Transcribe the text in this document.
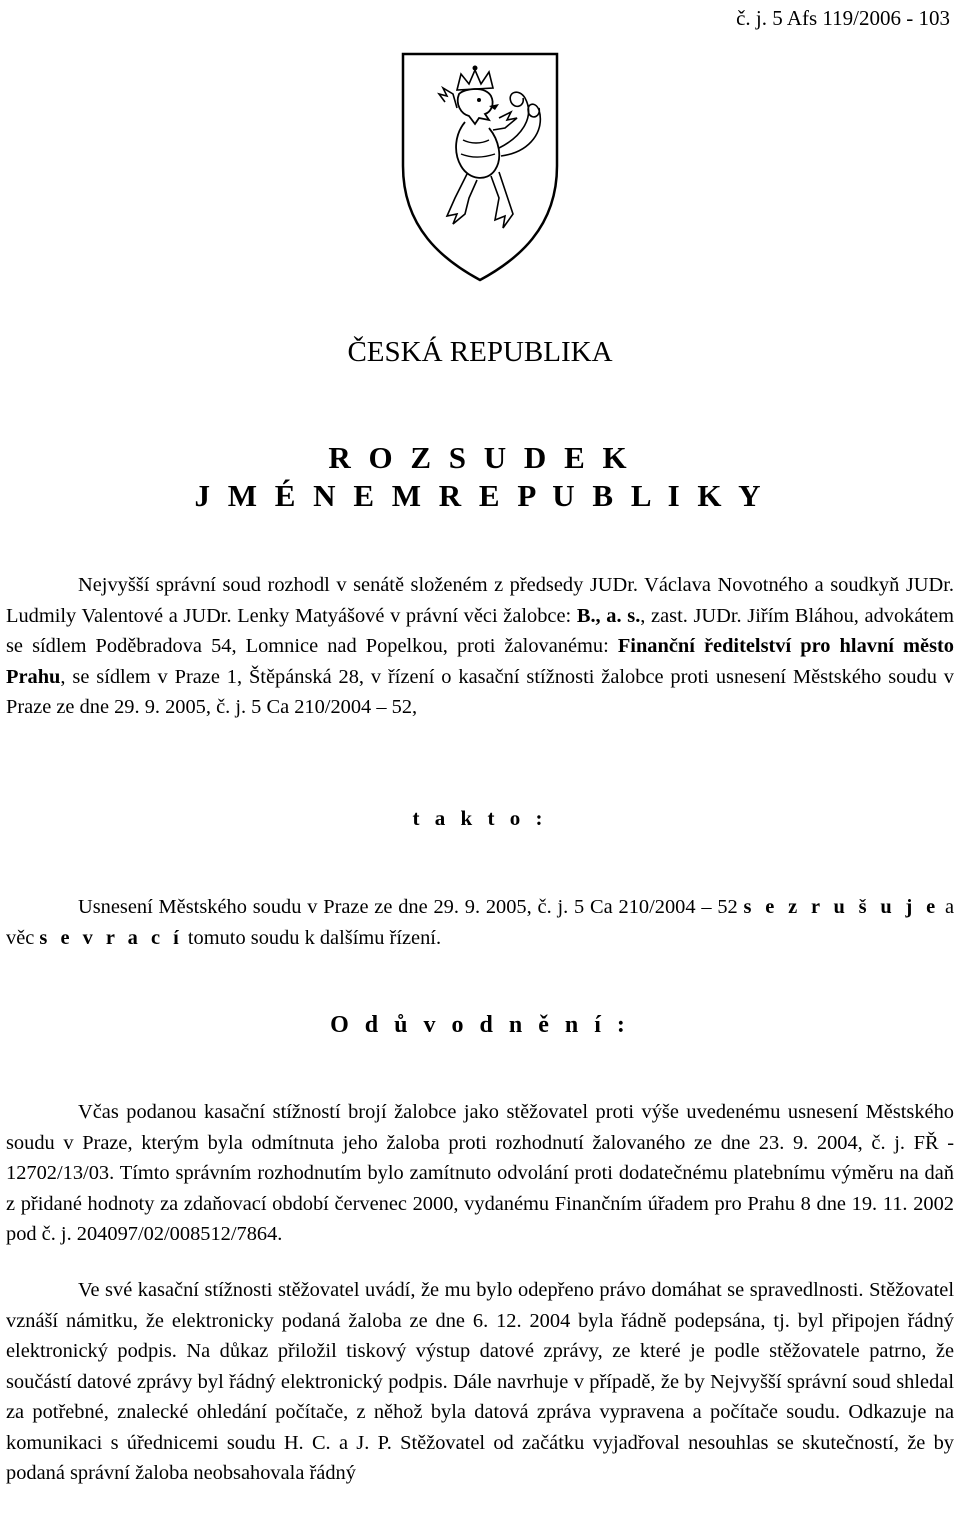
č. j. 5 Afs 119/2006 - 103
ČESKÁ REPUBLIKA
R O Z S U D E K
J M É N E M R E P U B L I K Y

Nejvyšší správní soud rozhodl v senátě složeném z předsedy JUDr. Václava Novotného a soudkyň JUDr. Ludmily Valentové a JUDr. Lenky Matyášové v právní věci žalobce: B., a. s., zast. JUDr. Jiřím Bláhou, advokátem se sídlem Poděbradova 54, Lomnice nad Popelkou, proti žalovanému: Finanční ředitelství pro hlavní město Prahu, se sídlem v Praze 1, Štěpánská 28, v řízení o kasační stížnosti žalobce proti usnesení Městského soudu v Praze ze dne 29. 9. 2005, č. j. 5 Ca 210/2004 – 52,

t a k t o :

Usnesení Městského soudu v Praze ze dne 29. 9. 2005, č. j. 5 Ca 210/2004 – 52 s e z r u š u j e a věc s e v r a c í tomuto soudu k dalšímu řízení.

O d ů v o d n ě n í :

Včas podanou kasační stížností brojí žalobce jako stěžovatel proti výše uvedenému usnesení Městského soudu v Praze, kterým byla odmítnuta jeho žaloba proti rozhodnutí žalovaného ze dne 23. 9. 2004, č. j. FŘ - 12702/13/03. Tímto správním rozhodnutím bylo zamítnuto odvolání proti dodatečnému platebnímu výměru na daň z přidané hodnoty za zdaňovací období červenec 2000, vydanému Finančním úřadem pro Prahu 8 dne 19. 11. 2002 pod č. j. 204097/02/008512/7864.

Ve své kasační stížnosti stěžovatel uvádí, že mu bylo odepřeno právo domáhat se spravedlnosti. Stěžovatel vznáší námitku, že elektronicky podaná žaloba ze dne 6. 12. 2004 byla řádně podepsána, tj. byl připojen řádný elektronický podpis. Na důkaz přiložil tiskový výstup datové zprávy, ze které je podle stěžovatele patrno, že součástí datové zprávy byl řádný elektronický podpis. Dále navrhuje v případě, že by Nejvyšší správní soud shledal za potřebné, znalecké ohledání počítače, z něhož byla datová zpráva vypravena a počítače soudu. Odkazuje na komunikaci s úřednicemi soudu H. C. a J. P. Stěžovatel od začátku vyjadřoval nesouhlas se skutečností, že by podaná správní žaloba neobsahovala řádný
